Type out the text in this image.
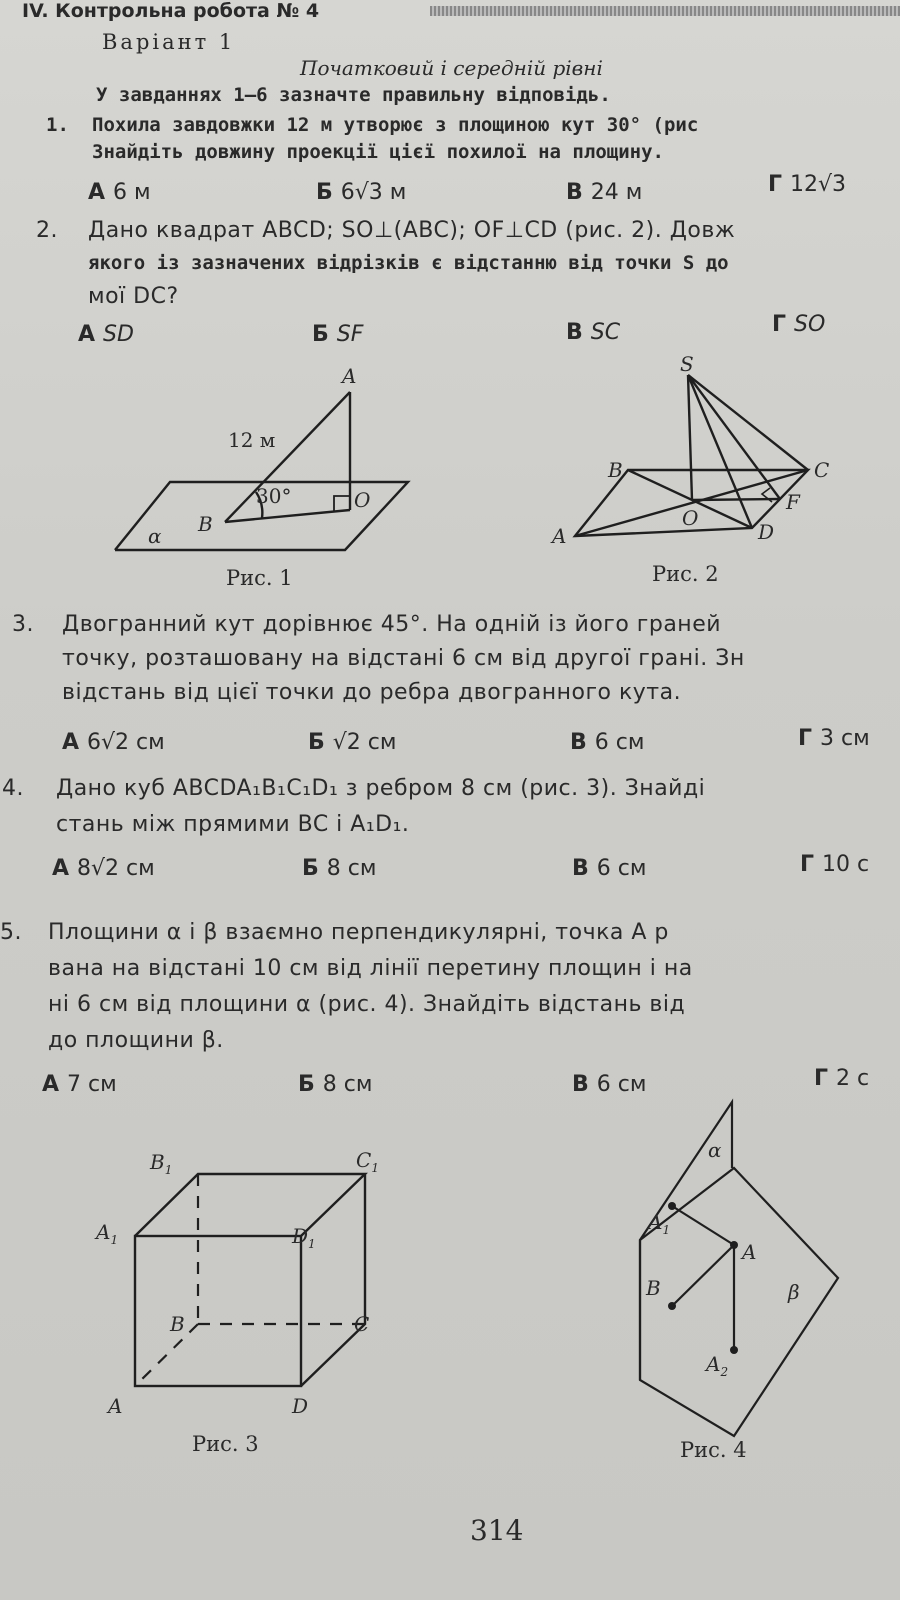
IV. Контрольна робота № 4
Варіант 1
Початковий і середній рівні
У завданнях 1–6 зазначте правильну відповідь.
1. Похила завдовжки 12 м утворює з площиною кут 30° (рис
Знайдіть довжину проекції цієї похилої на площину.
А 6 м	Б 6√3 м	В 24 м	Г 12√3
2. Дано квадрат ABCD; SO⊥(ABC); OF⊥CD (рис. 2). Довж
якого із зазначених відрізків є відстанню від точки S до
мої DC?
А SD	Б SF	В SC	Г SO
A
12 м
30°	O
B
α
Рис. 1
S
B	C
F
O
D
A
Рис. 2
3. Двогранний кут дорівнює 45°. На одній із його граней
точку, розташовану на відстані 6 см від другої грані. Зн
відстань від цієї точки до ребра двогранного кута.
А 6√2 см	Б √2 см	В 6 см	Г 3 см
4. Дано куб ABCDA₁B₁C₁D₁ з ребром 8 см (рис. 3). Знайді
стань між прямими BC і A₁D₁.
А 8√2 см	Б 8 см	В 6 см	Г 10 с
5. Площини α і β взаємно перпендикулярні, точка A р
вана на відстані 10 см від лінії перетину площин і на
ні 6 см від площини α (рис. 4). Знайдіть відстань від
до площини β.
А 7 см	Б 8 см	В 6 см	Г 2 с
$B_1$	$C_1$
$A_1$	$D_1$
B	C
A	D
Рис. 3
α
$A_1$
A
B	β
$A_2$
Рис. 4
314
